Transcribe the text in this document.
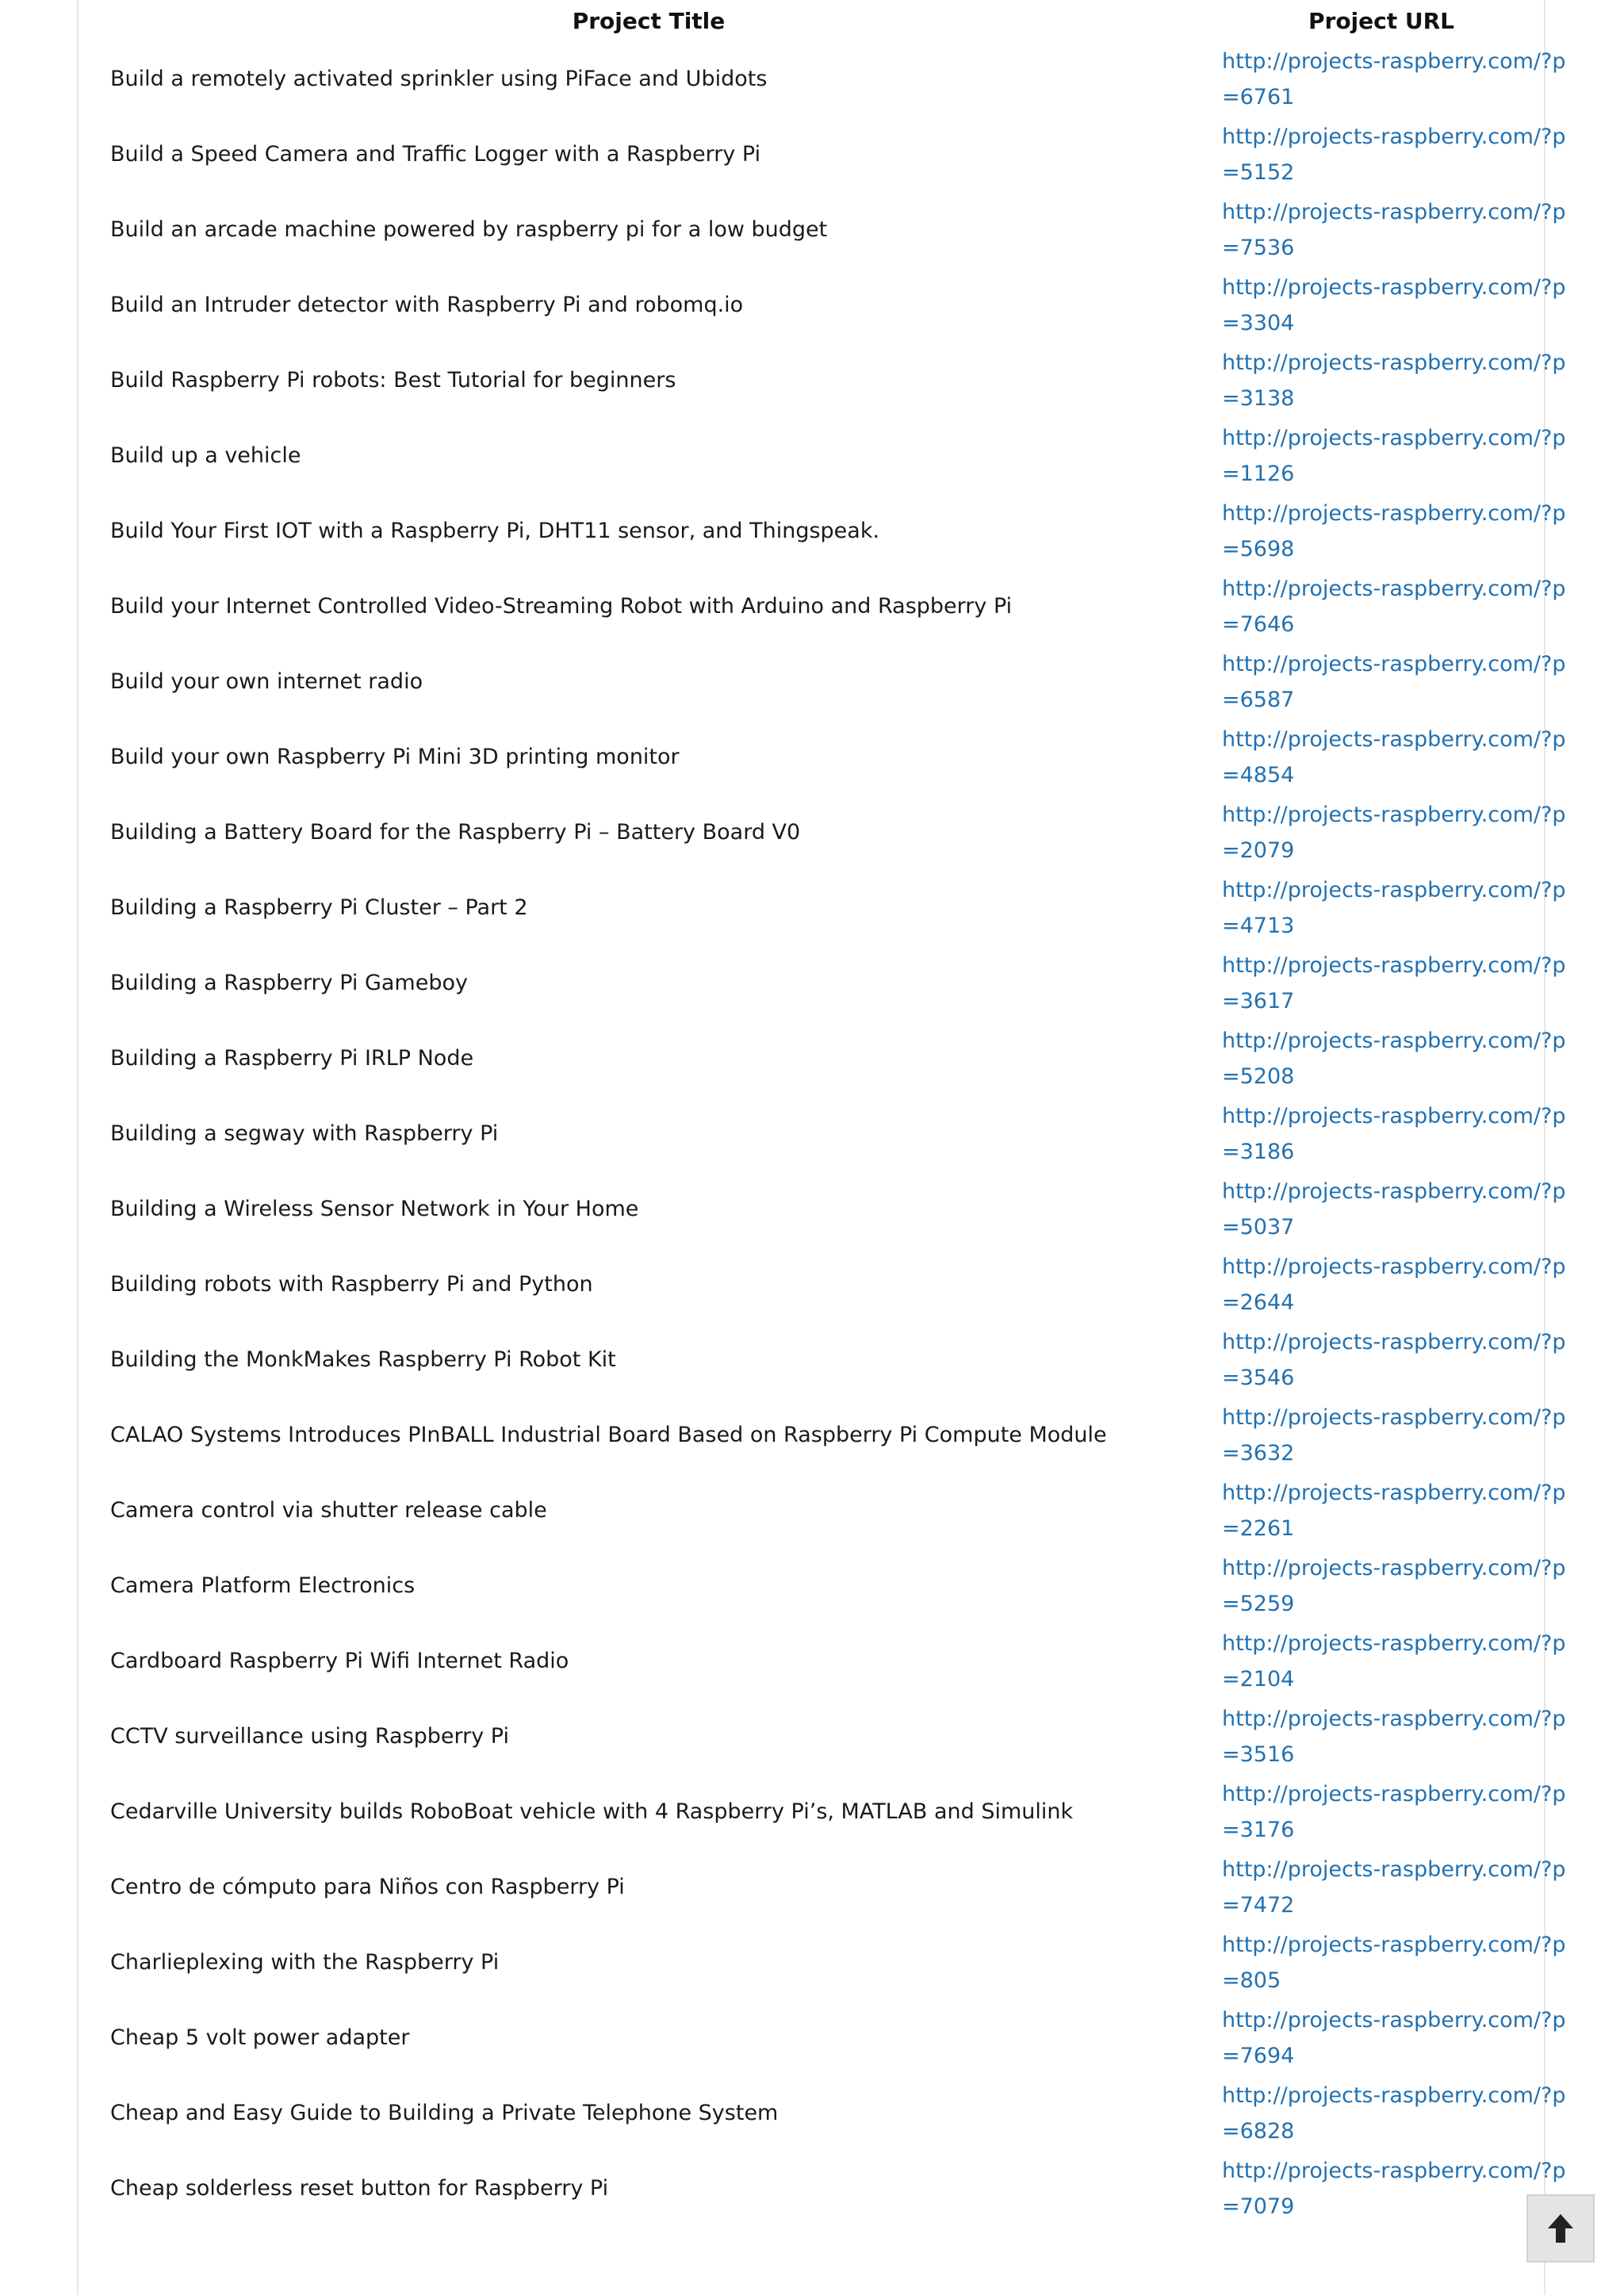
Project Title	Project URL
Build a remotely activated sprinkler using PiFace and Ubidots	http://projects-raspberry.com/?p=6761

Build a Speed Camera and Traffic Logger with a Raspberry Pi	http://projects-raspberry.com/?p=5152

Build an arcade machine powered by raspberry pi for a low budget	http://projects-raspberry.com/?p=7536

Build an Intruder detector with Raspberry Pi and robomq.io	http://projects-raspberry.com/?p=3304

Build Raspberry Pi robots: Best Tutorial for beginners	http://projects-raspberry.com/?p=3138

Build up a vehicle	http://projects-raspberry.com/?p=1126

Build Your First IOT with a Raspberry Pi, DHT11 sensor, and Thingspeak.	http://projects-raspberry.com/?p=5698

Build your Internet Controlled Video-Streaming Robot with Arduino and Raspberry Pi	http://projects-raspberry.com/?p=7646

Build your own internet radio	http://projects-raspberry.com/?p=6587

Build your own Raspberry Pi Mini 3D printing monitor	http://projects-raspberry.com/?p=4854

Building a Battery Board for the Raspberry Pi – Battery Board V0	http://projects-raspberry.com/?p=2079

Building a Raspberry Pi Cluster – Part 2	http://projects-raspberry.com/?p=4713

Building a Raspberry Pi Gameboy	http://projects-raspberry.com/?p=3617

Building a Raspberry Pi IRLP Node	http://projects-raspberry.com/?p=5208

Building a segway with Raspberry Pi	http://projects-raspberry.com/?p=3186

Building a Wireless Sensor Network in Your Home	http://projects-raspberry.com/?p=5037

Building robots with Raspberry Pi and Python	http://projects-raspberry.com/?p=2644

Building the MonkMakes Raspberry Pi Robot Kit	http://projects-raspberry.com/?p=3546

CALAO Systems Introduces PInBALL Industrial Board Based on Raspberry Pi Compute Module	http://projects-raspberry.com/?p=3632

Camera control via shutter release cable	http://projects-raspberry.com/?p=2261

Camera Platform Electronics	http://projects-raspberry.com/?p=5259

Cardboard Raspberry Pi Wifi Internet Radio	http://projects-raspberry.com/?p=2104

CCTV surveillance using Raspberry Pi	http://projects-raspberry.com/?p=3516

Cedarville University builds RoboBoat vehicle with 4 Raspberry Pi’s, MATLAB and Simulink	http://projects-raspberry.com/?p=3176

Centro de cómputo para Niños con Raspberry Pi	http://projects-raspberry.com/?p=7472

Charlieplexing with the Raspberry Pi	http://projects-raspberry.com/?p=805

Cheap 5 volt power adapter	http://projects-raspberry.com/?p=7694

Cheap and Easy Guide to Building a Private Telephone System	http://projects-raspberry.com/?p=6828

Cheap solderless reset button for Raspberry Pi	http://projects-raspberry.com/?p=7079
